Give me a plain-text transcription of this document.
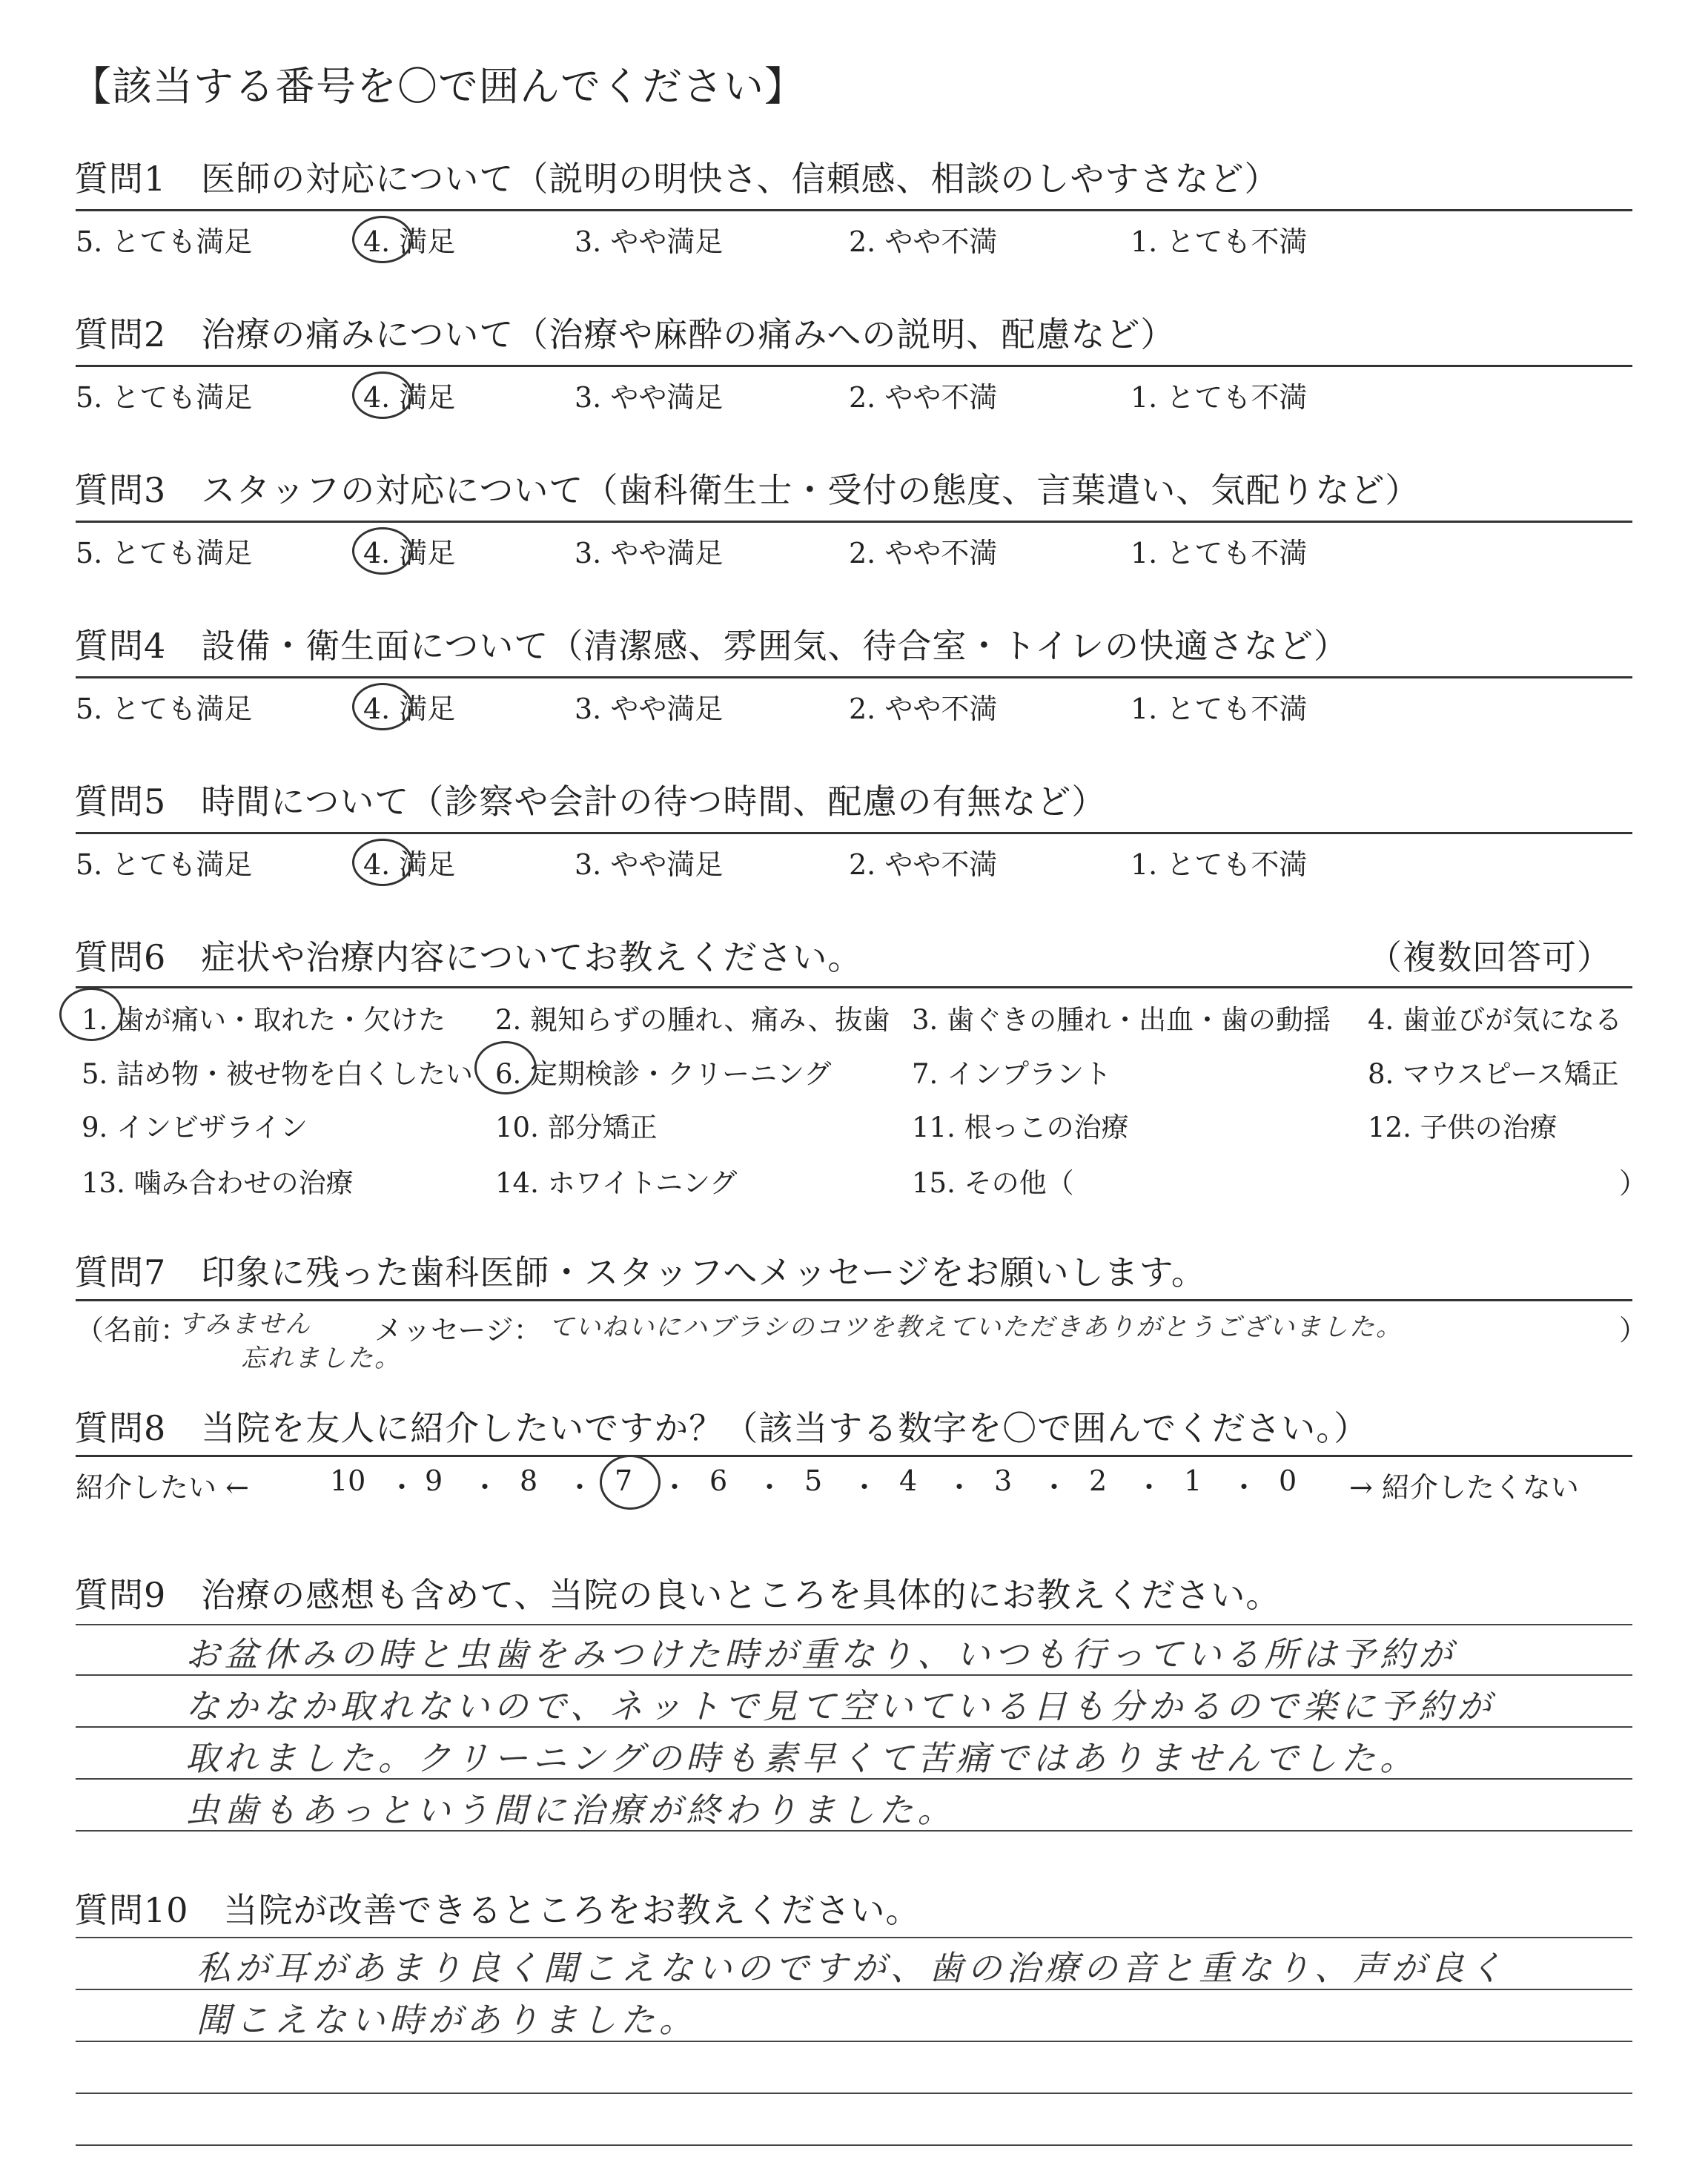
【該当する番号を〇で囲んでください】
質問1　医師の対応について（説明の明快さ、信頼感、相談のしやすさなど）
5. とても満足	4. 満足	3. やや満足	2. やや不満	1. とても不満
質問2　治療の痛みについて（治療や麻酔の痛みへの説明、配慮など）
5. とても満足	4. 満足	3. やや満足	2. やや不満	1. とても不満
質問3　スタッフの対応について（歯科衛生士・受付の態度、言葉遣い、気配りなど）
5. とても満足	4. 満足	3. やや満足	2. やや不満	1. とても不満
質問4　設備・衛生面について（清潔感、雰囲気、待合室・トイレの快適さなど）
5. とても満足	4. 満足	3. やや満足	2. やや不満	1. とても不満
質問5　時間について（診察や会計の待つ時間、配慮の有無など）
5. とても満足	4. 満足	3. やや満足	2. やや不満	1. とても不満
質問6　症状や治療内容についてお教えください。	（複数回答可）
1. 歯が痛い・取れた・欠けた 2. 親知らずの腫れ、痛み、抜歯 3. 歯ぐきの腫れ・出血・歯の動揺 4. 歯並びが気になる
5. 詰め物・被せ物を白くしたい 6. 定期検診・クリーニング	7. インプラント	8. マウスピース矯正
9. インビザライン	10. 部分矯正	11. 根っこの治療	12. 子供の治療
13. 噛み合わせの治療	14. ホワイトニング	15. その他（	）
質問7　印象に残った歯科医師・スタッフへメッセージをお願いします。
（名前：
すみません
忘れました。
メッセージ： ていねいにハブラシのコツを教えていただきありがとうございました。	）
質問8　当院を友人に紹介したいですか？（該当する数字を〇で囲んでください。）
紹介したい ←	10 ・ 9 ・ 8 ・ 7 ・ 6 ・ 5 ・ 4 ・ 3 ・ 2 ・ 1 ・ 0 → 紹介したくない
質問9　治療の感想も含めて、当院の良いところを具体的にお教えください。
お盆休みの時と虫歯をみつけた時が重なり、いつも行っている所は予約が
なかなか取れないので、ネットで見て空いている日も分かるので楽に予約が
取れました。クリーニングの時も素早くて苦痛ではありませんでした。
虫歯もあっという間に治療が終わりました。
質問10　当院が改善できるところをお教えください。
私が耳があまり良く聞こえないのですが、歯の治療の音と重なり、声が良く
聞こえない時がありました。
